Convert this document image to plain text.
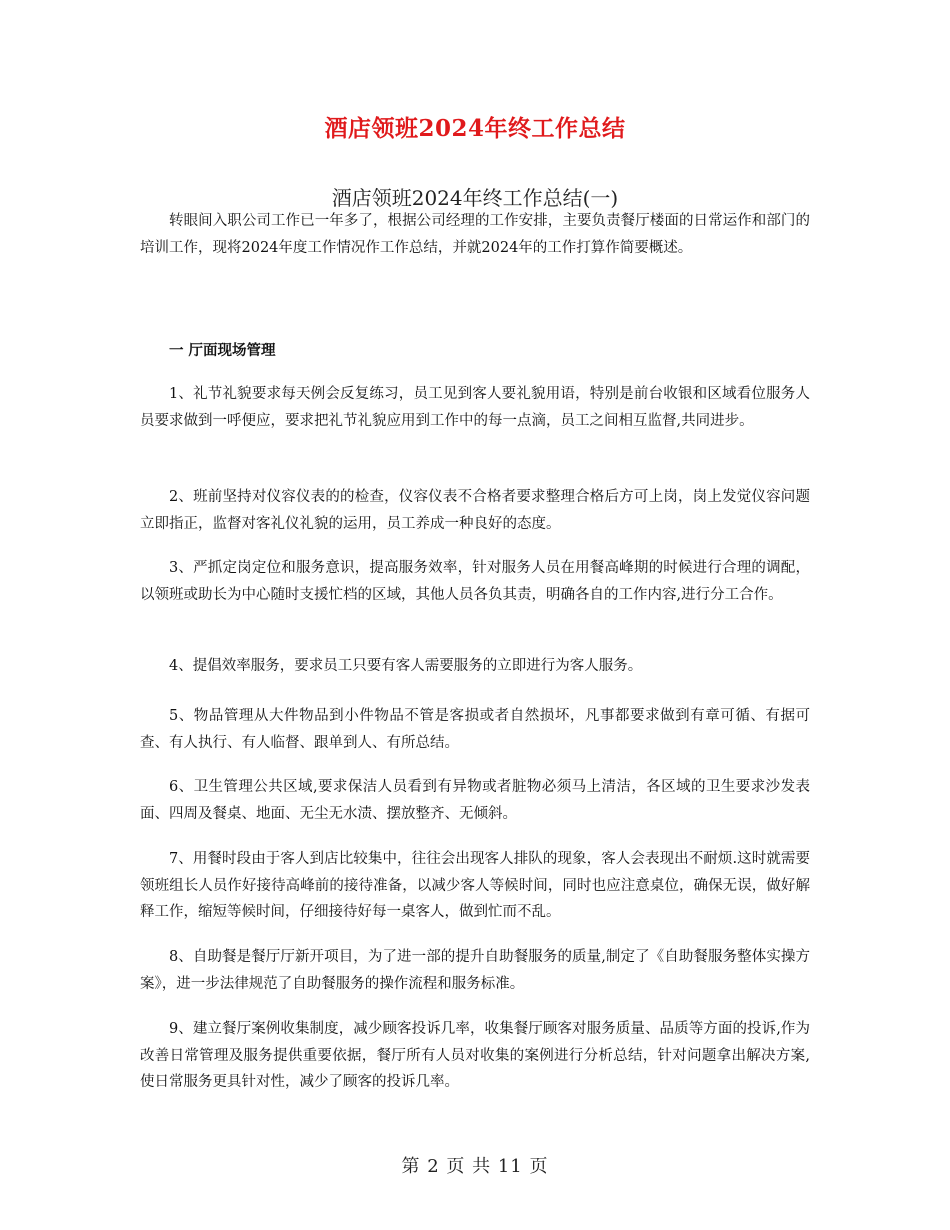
酒店领班2024年终工作总结
酒店领班2024年终工作总结(一)

转眼间入职公司工作已一年多了，根据公司经理的工作安排，主要负责餐厅楼面的日常运作和部门的培训工作，现将2024年度工作情况作工作总结，并就2024年的工作打算作简要概述。

一 厅面现场管理

1、礼节礼貌要求每天例会反复练习，员工见到客人要礼貌用语，特别是前台收银和区域看位服务人员要求做到一呼便应，要求把礼节礼貌应用到工作中的每一点滴，员工之间相互监督,共同进步。

2、班前坚持对仪容仪表的的检查，仪容仪表不合格者要求整理合格后方可上岗，岗上发觉仪容问题立即指正，监督对客礼仪礼貌的运用，员工养成一种良好的态度。

3、严抓定岗定位和服务意识，提高服务效率，针对服务人员在用餐高峰期的时候进行合理的调配，以领班或助长为中心随时支援忙档的区域，其他人员各负其责，明确各自的工作内容,进行分工合作。

4、提倡效率服务，要求员工只要有客人需要服务的立即进行为客人服务。

5、物品管理从大件物品到小件物品不管是客损或者自然损坏，凡事都要求做到有章可循、有据可查、有人执行、有人临督、跟单到人、有所总结。

6、卫生管理公共区域,要求保洁人员看到有异物或者脏物必须马上清洁，各区域的卫生要求沙发表面、四周及餐桌、地面、无尘无水渍、摆放整齐、无倾斜。

7、用餐时段由于客人到店比较集中，往往会出现客人排队的现象，客人会表现出不耐烦.这时就需要领班组长人员作好接待高峰前的接待准备，以减少客人等候时间，同时也应注意桌位，确保无误，做好解释工作，缩短等候时间，仔细接待好每一桌客人，做到忙而不乱。

8、自助餐是餐厅厅新开项目，为了进一部的提升自助餐服务的质量,制定了《自助餐服务整体实操方案》，进一步法律规范了自助餐服务的操作流程和服务标准。

9、建立餐厅案例收集制度，减少顾客投诉几率，收集餐厅顾客对服务质量、品质等方面的投诉,作为改善日常管理及服务提供重要依据，餐厅所有人员对收集的案例进行分析总结，针对问题拿出解决方案,使日常服务更具针对性，减少了顾客的投诉几率。

第 2 页 共 11 页
